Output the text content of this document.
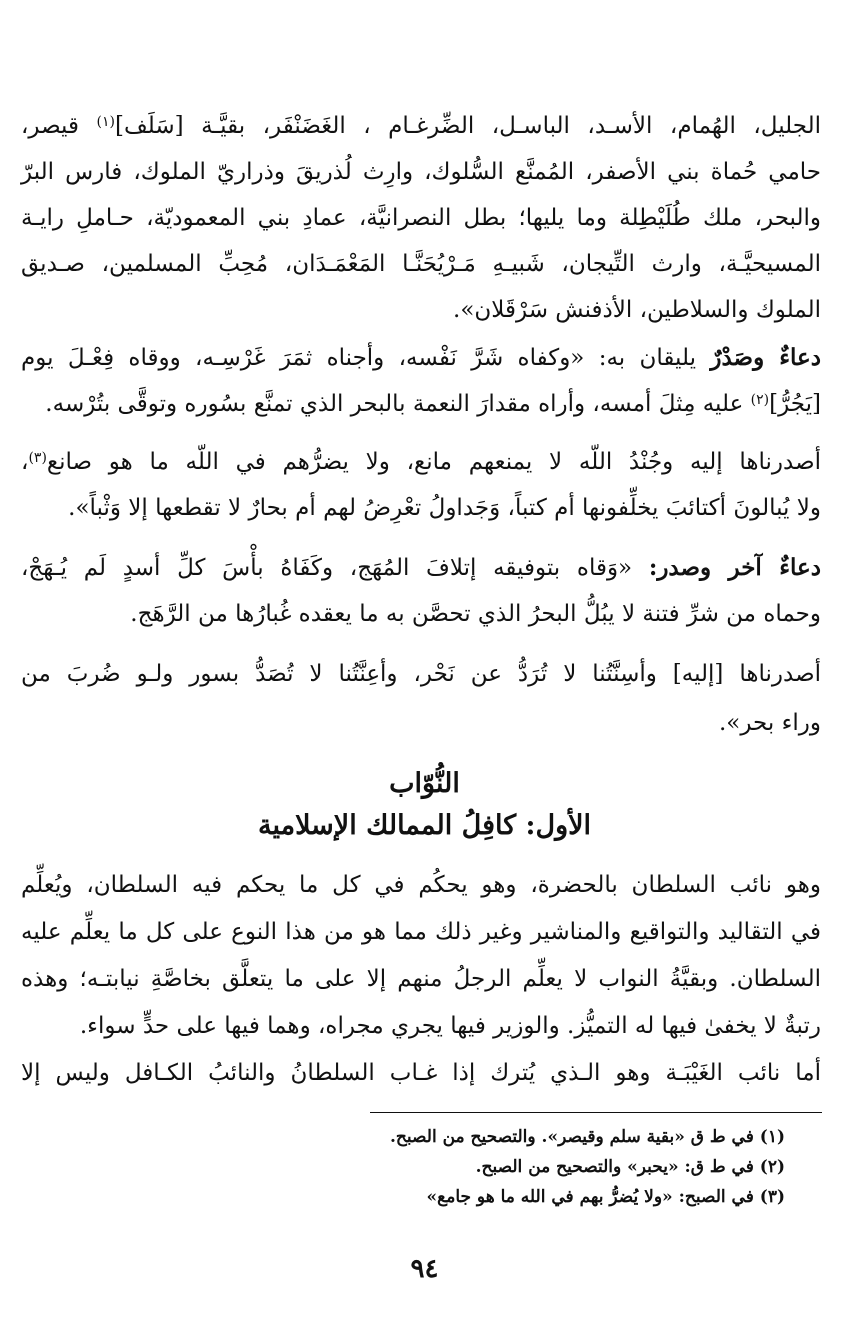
الجليل، الهُمام، الأسـد، الباسـل، الضِّرغـام ، الغَضَنْفَر، بقيَّـة [سَلَف]$^{(١)}$ قيصر،
حامي حُماة بني الأصفر، المُمنَّع السُّلوك، وارِث لُذريقَ وذراريّ الملوك، فارس البرّ
والبحر، ملك طُلَيْطِلة وما يليها؛ بطل النصرانيَّة، عمادِ بني المعموديّة، حـاملِ رايـة
المسيحيَّـة، وارث التِّيجان، شَبيـهِ مَـرْيُحَنَّـا المَعْمَـدَان، مُحِبِّ المسلمين، صـديق
الملوك والسلاطين، الأذفنش سَرْقَلان».
دعاءٌ وصَدْرٌ يليقان به: «وكفاه شَرَّ نَفْسه، وأجناه ثمَرَ غَرْسِـه، ووقاه فِعْـلَ يوم
[يَجُرُّ]$^{(٢)}$ عليه مِثلَ أمسه، وأراه مقدارَ النعمة بالبحر الذي تمنَّع بسُوره وتوقَّى بتُرْسه.
أصدرناها إليه وجُنْدُ اللّه لا يمنعهم مانع، ولا يضرُّهم في اللّه ما هو صانع$^{(٣)}$،
ولا يُبالونَ أكتائبَ يخلِّفونها أم كتباً، وَجَداولُ تعْرِضُ لهم أم بحارٌ لا تقطعها إلا وَثْباً».
دعاءٌ آخر وصدر: «وَقاه بتوفيقه إتلافَ المُهَج، وكَفَاهُ بأْسَ كلِّ أسدٍ لَم يُـهَجْ،
وحماه من شرِّ فتنة لا يبُلُّ البحرُ الذي تحصَّن به ما يعقده غُبارُها من الرَّهَج.
أصدرناها [إليه] وأسِنَّتُنا لا تُرَدُّ عن نَحْر، وأعِنَّتُنا لا تُصَدُّ بسور ولـو ضُربَ من
وراء بحر».
النُّوّاب
الأول: كافِلُ الممالك الإسلامية
وهو نائب السلطان بالحضرة، وهو يحكُم في كل ما يحكم فيه السلطان، ويُعلِّم
في التقاليد والتواقيع والمناشير وغير ذلك مما هو من هذا النوع على كل ما يعلِّم عليه
السلطان. وبقيَّةُ النواب لا يعلِّم الرجلُ منهم إلا على ما يتعلَّق بخاصَّةِ نيابتـه؛ وهذه
رتبةٌ لا يخفىٰ فيها له التميُّز. والوزير فيها يجري مجراه، وهما فيها على حدٍّ سواء.
أما نائب الغَيْبَـة وهو الـذي يُترك إذا غـاب السلطانُ والنائبُ الكـافل وليس إلا
(١) في ط ق «بقية سلم وقيصر». والتصحيح من الصبح.
(٢) في ط ق: «يحبر» والتصحيح من الصبح.
(٣) في الصبح: «ولا يُضرُّ بهم في الله ما هو جامع»
٩٤
